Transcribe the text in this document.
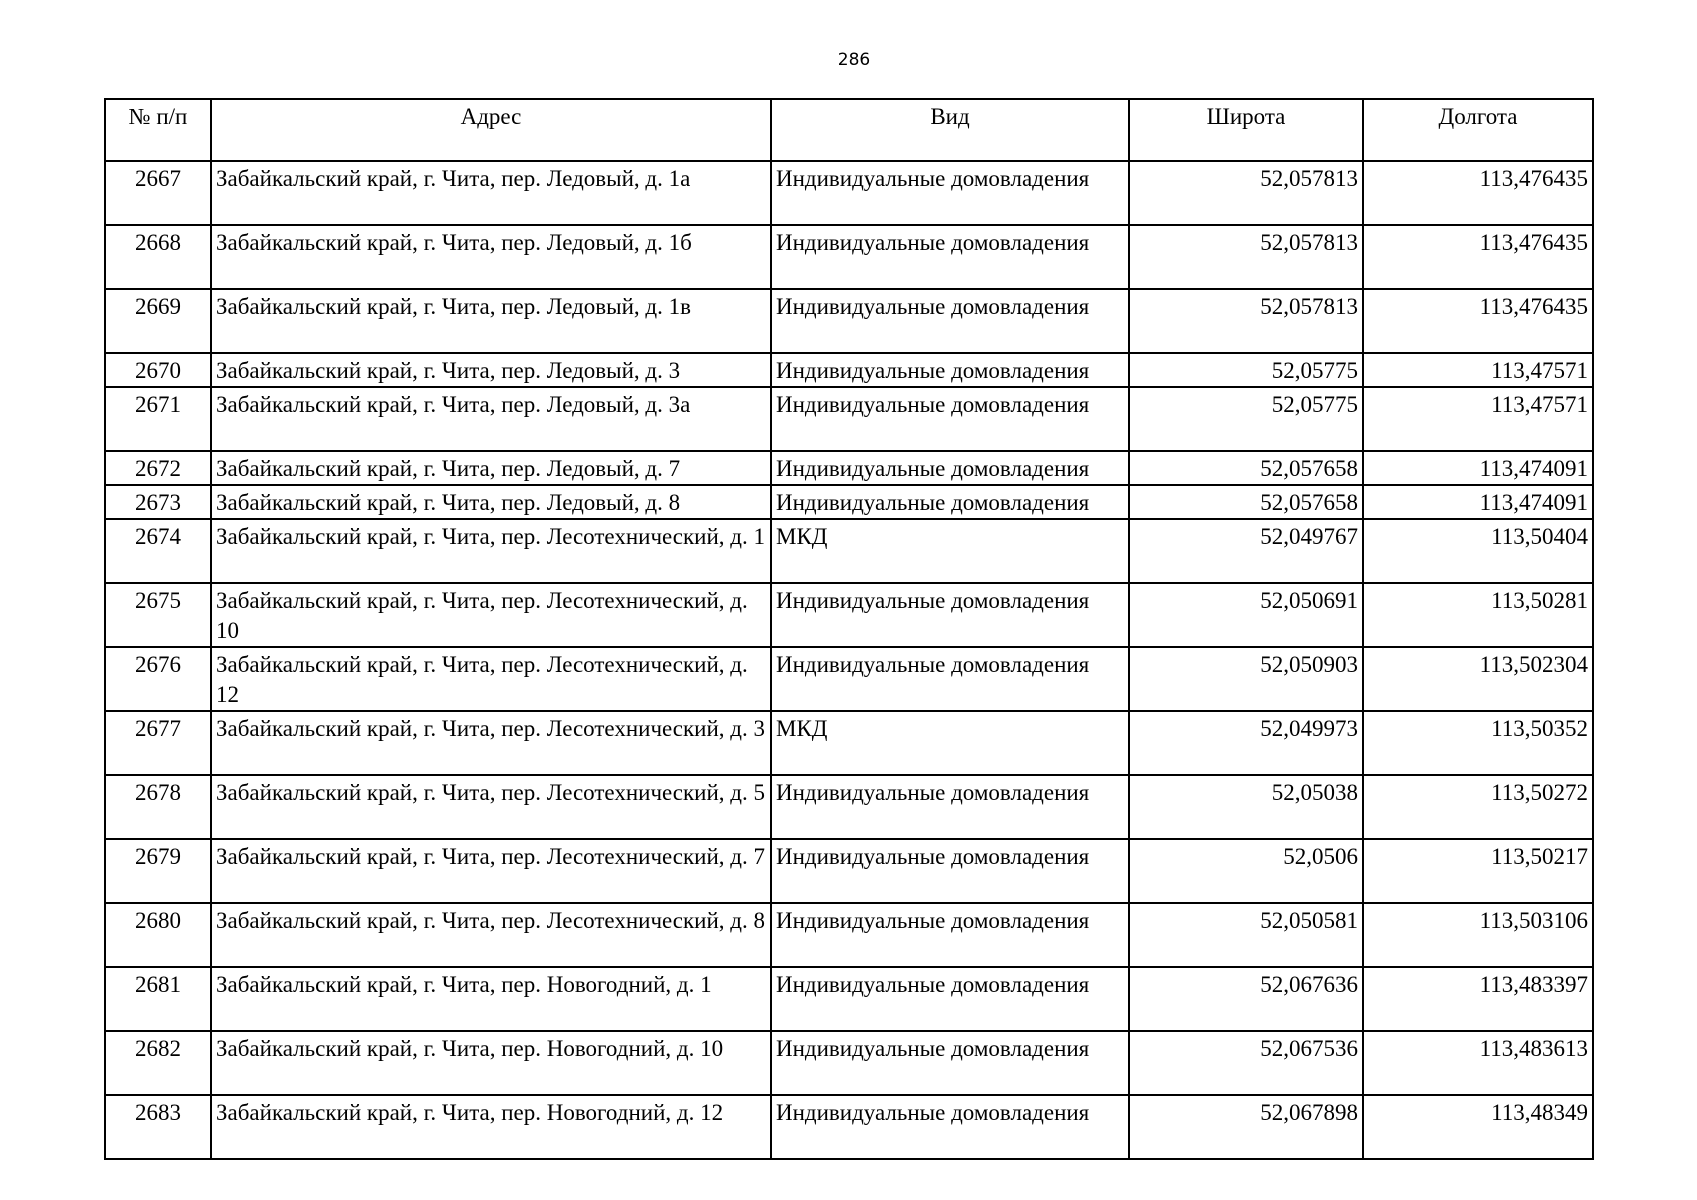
286
№ п/п	Адрес	Вид	Широта	Долгота
2667	Забайкальский край, г. Чита, пер. Ледовый, д. 1а	Индивидуальные домовладения	52,057813	113,476435
2668	Забайкальский край, г. Чита, пер. Ледовый, д. 1б	Индивидуальные домовладения	52,057813	113,476435
2669	Забайкальский край, г. Чита, пер. Ледовый, д. 1в	Индивидуальные домовладения	52,057813	113,476435
2670	Забайкальский край, г. Чита, пер. Ледовый, д. 3	Индивидуальные домовладения	52,05775	113,47571
2671	Забайкальский край, г. Чита, пер. Ледовый, д. 3а	Индивидуальные домовладения	52,05775	113,47571
2672	Забайкальский край, г. Чита, пер. Ледовый, д. 7	Индивидуальные домовладения	52,057658	113,474091
2673	Забайкальский край, г. Чита, пер. Ледовый, д. 8	Индивидуальные домовладения	52,057658	113,474091
2674	Забайкальский край, г. Чита, пер. Лесотехнический, д. 1	МКД	52,049767	113,50404
2675	Забайкальский край, г. Чита, пер. Лесотехнический, д. 10	Индивидуальные домовладения	52,050691	113,50281
2676	Забайкальский край, г. Чита, пер. Лесотехнический, д. 12	Индивидуальные домовладения	52,050903	113,502304
2677	Забайкальский край, г. Чита, пер. Лесотехнический, д. 3	МКД	52,049973	113,50352
2678	Забайкальский край, г. Чита, пер. Лесотехнический, д. 5	Индивидуальные домовладения	52,05038	113,50272
2679	Забайкальский край, г. Чита, пер. Лесотехнический, д. 7	Индивидуальные домовладения	52,0506	113,50217
2680	Забайкальский край, г. Чита, пер. Лесотехнический, д. 8	Индивидуальные домовладения	52,050581	113,503106
2681	Забайкальский край, г. Чита, пер. Новогодний, д. 1	Индивидуальные домовладения	52,067636	113,483397
2682	Забайкальский край, г. Чита, пер. Новогодний, д. 10	Индивидуальные домовладения	52,067536	113,483613
2683	Забайкальский край, г. Чита, пер. Новогодний, д. 12	Индивидуальные домовладения	52,067898	113,48349
